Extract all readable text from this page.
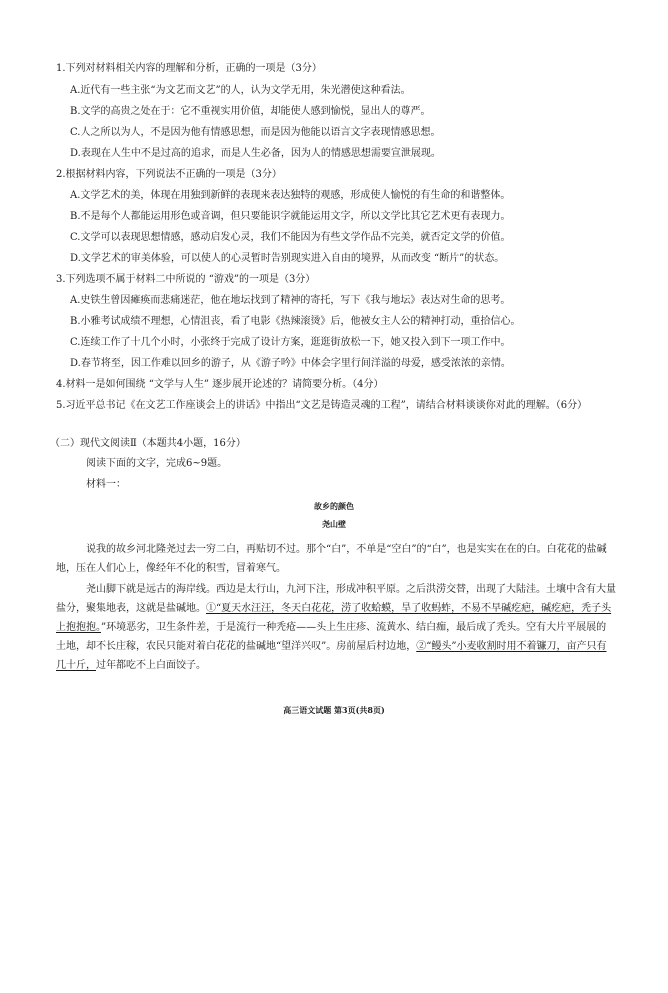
1.下列对材料相关内容的理解和分析，正确的一项是（3分）
A.近代有一些主张“为文艺而文艺”的人，认为文学无用，朱光潜使这种看法。
B.文学的高贵之处在于：它不重视实用价值，却能使人感到愉悦，显出人的尊严。
C.人之所以为人，不是因为他有情感思想，而是因为他能以语言文字表现情感思想。
D.表现在人生中不是过高的追求，而是人生必备，因为人的情感思想需要宣泄展现。
2.根据材料内容，下列说法不正确的一项是（3分）
A.文学艺术的美，体现在用独到新鲜的表现来表达独特的观感，形成使人愉悦的有生命的和谐整体。
B.不是每个人都能运用形色或音调，但只要能识字就能运用文字，所以文学比其它艺术更有表现力。
C.文学可以表现思想情感，感动启发心灵，我们不能因为有些文学作品不完美，就否定文学的价值。
D.文学艺术的审美体验，可以使人的心灵暂时告别现实进入自由的境界，从而改变 “断片”的状态。
3.下列选项不属于材料二中所说的 “游戏”的一项是（3分）
A.史铁生曾因瘫痪而悲痛迷茫，他在地坛找到了精神的寄托，写下《我与地坛》表达对生命的思考。
B.小雅考试成绩不理想，心情沮丧，看了电影《热辣滚烫》后，他被女主人公的精神打动，重拾信心。
C.连续工作了十几个小时，小张终于完成了设计方案，逛逛街放松一下，她又投入到下一项工作中。
D.春节将至，因工作难以回乡的游子，从《游子吟》中体会字里行间洋溢的母爱，感受浓浓的亲情。
4.材料一是如何围绕 “文学与人生” 逐步展开论述的？请简要分析。（4分）
5.习近平总书记《在文艺工作座谈会上的讲话》中指出“文艺是铸造灵魂的工程”，请结合材料谈谈你对此的理解。（6分）
（二）现代文阅读Ⅱ（本题共4小题，16分）
阅读下面的文字，完成6~9题。
材料一：
故乡的颜色
尧山壁
说我的故乡河北隆尧过去一穷二白，再贴切不过。那个“白”，不单是“空白”的“白”，也是实实在在的白。白花花的盐碱地，压在人们心上，像经年不化的积雪，冒着寒气。
尧山脚下就是远古的海岸线。西边是太行山，九河下注，形成冲积平原。之后洪涝交替，出现了大陆洼。土壤中含有大量盐分，聚集地表，这就是盐碱地。①“夏天水汪汪，冬天白花花，涝了收蛤蟆，旱了收蚂蚱，不易不早碱疙疤，碱疙疤，秃子头上抱抱抱。”环境恶劣，卫生条件差，于是流行一种秃疮——头上生庄疹、流黄水、结白痂，最后成了秃头。空有大片平展展的土地，却不长庄稼，农民只能对着白花花的盐碱地“望洋兴叹”。房前屋后村边地，②“鳗头”小麦收割时用不着镰刀，亩产只有几十斤，过年都吃不上白面饺子。
高三语文试题 第3页(共8页)
